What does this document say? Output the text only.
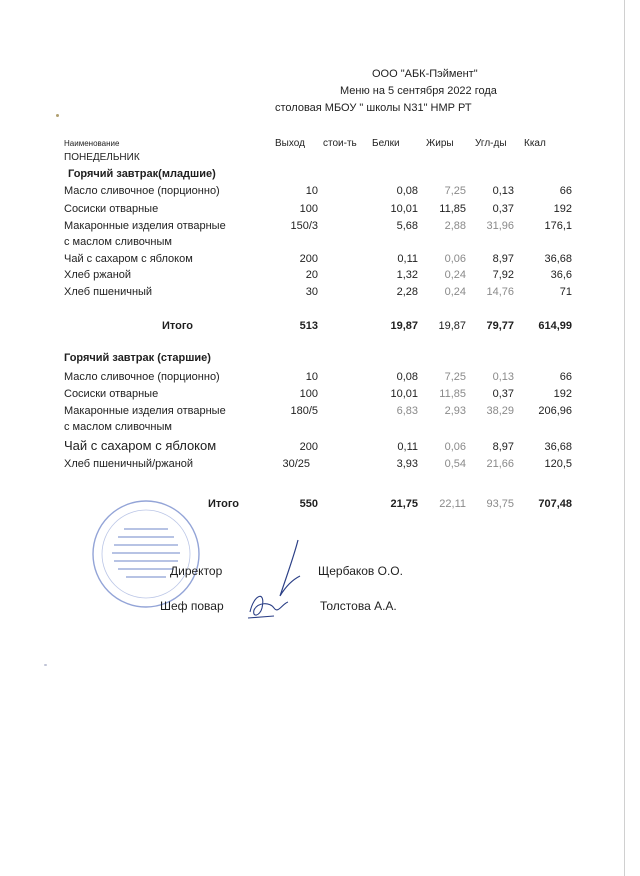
ООО "АБК-Пэймент"
Меню на 5 сентября 2022 года
столовая МБОУ " школы N31" НМР РТ
Наименование	Выход стои-ть Белки	Жиры Угл-ды Ккал
ПОНЕДЕЛЬНИК
Горячий завтрак(младшие)
Масло сливочное (порционно)	10	0,08	7,25	0,13	66
Сосиски отварные	100	10,01	11,85	0,37	192
Макаронные изделия отварные
с маслом сливочным
150/3	5,68	2,88	31,96	176,1
Чай с сахаром с яблоком	200	0,11	0,06	8,97	36,68
Хлеб ржаной	20	1,32	0,24	7,92	36,6
Хлеб пшеничный	30	2,28	0,24	14,76	71
Итого	513	19,87	19,87	79,77	614,99
Горячий завтрак (старшие)
Масло сливочное (порционно)	10	0,08	7,25	0,13	66
Сосиски отварные	100	10,01	11,85	0,37	192
Макаронные изделия отварные
с маслом сливочным
180/5	6,83	2,93	38,29	206,96
Чай с сахаром с яблоком	200	0,11	0,06	8,97	36,68
Хлеб пшеничный/ржаной	30/25	3,93	0,54	21,66	120,5
Итого	550	21,75	22,11	93,75	707,48
Директор	Щербаков О.О.
Шеф повар	Толстова А.А.
